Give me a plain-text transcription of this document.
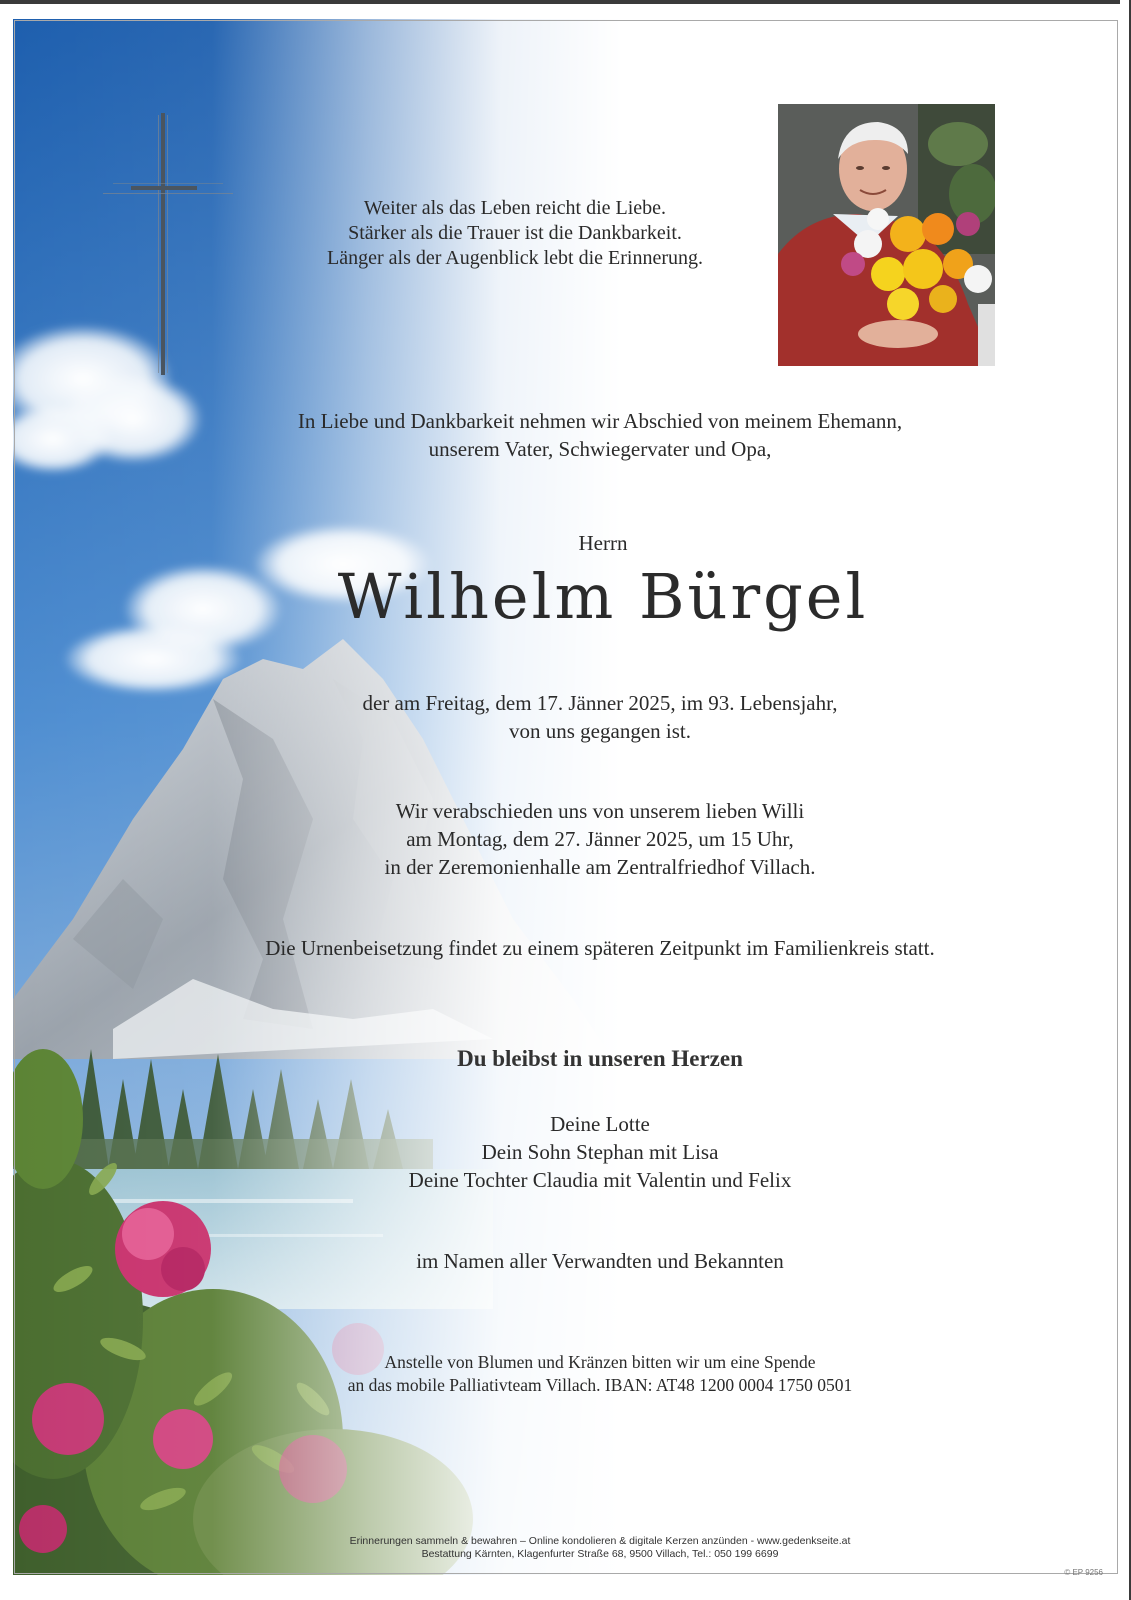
Weiter als das Leben reicht die Liebe.
Stärker als die Trauer ist die Dankbarkeit.
Länger als der Augenblick lebt die Erinnerung.
In Liebe und Dankbarkeit nehmen wir Abschied von meinem Ehemann,
unserem Vater, Schwiegervater und Opa,
Herrn
Wilhelm Bürgel
der am Freitag, dem 17. Jänner 2025, im 93. Lebensjahr,
von uns gegangen ist.
Wir verabschieden uns von unserem lieben Willi
am Montag, dem 27. Jänner 2025, um 15 Uhr,
in der Zeremonienhalle am Zentralfriedhof Villach.
Die Urnenbeisetzung findet zu einem späteren Zeitpunkt im Familienkreis statt.
Du bleibst in unseren Herzen
Deine Lotte
Dein Sohn Stephan mit Lisa
Deine Tochter Claudia mit Valentin und Felix
im Namen aller Verwandten und Bekannten
Anstelle von Blumen und Kränzen bitten wir um eine Spende
an das mobile Palliativteam Villach. IBAN: AT48 1200 0004 1750 0501
Erinnerungen sammeln & bewahren – Online kondolieren & digitale Kerzen anzünden - www.gedenkseite.at
Bestattung Kärnten, Klagenfurter Straße 68, 9500 Villach, Tel.: 050 199 6699
© EP 9256
